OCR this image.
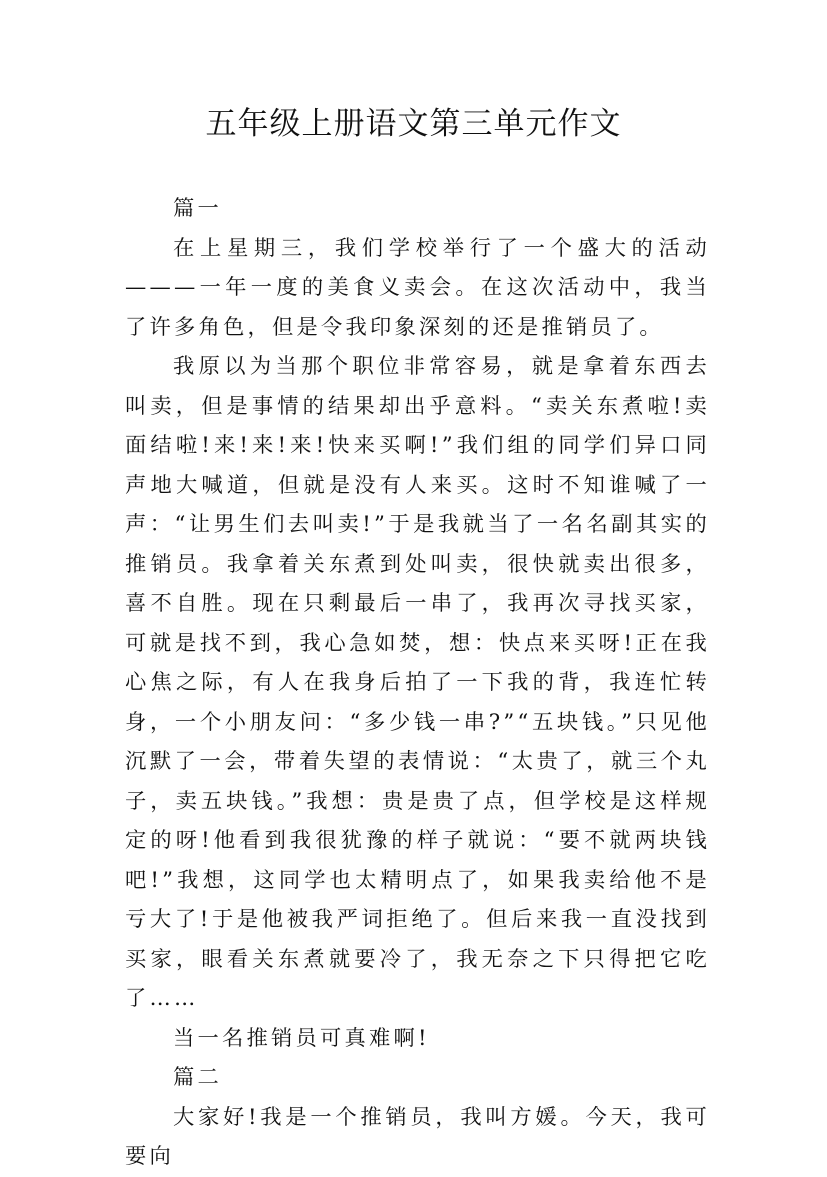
五年级上册语文第三单元作文

篇一

在上星期三，我们学校举行了一个盛大的活动———一年一度的美食义卖会。在这次活动中，我当了许多角色，但是令我印象深刻的还是推销员了。

我原以为当那个职位非常容易，就是拿着东西去叫卖，但是事情的结果却出乎意料。“卖关东煮啦!卖面结啦!来!来!来!快来买啊!”我们组的同学们异口同声地大喊道，但就是没有人来买。这时不知谁喊了一声：“让男生们去叫卖!”于是我就当了一名名副其实的推销员。我拿着关东煮到处叫卖，很快就卖出很多，喜不自胜。现在只剩最后一串了，我再次寻找买家，可就是找不到，我心急如焚，想：快点来买呀!正在我心焦之际，有人在我身后拍了一下我的背，我连忙转身，一个小朋友问：“多少钱一串?”“五块钱。”只见他沉默了一会，带着失望的表情说：“太贵了，就三个丸子，卖五块钱。”我想：贵是贵了点，但学校是这样规定的呀!他看到我很犹豫的样子就说：“要不就两块钱吧!”我想，这同学也太精明点了，如果我卖给他不是亏大了!于是他被我严词拒绝了。但后来我一直没找到买家，眼看关东煮就要冷了，我无奈之下只得把它吃了……

当一名推销员可真难啊!

篇二

大家好!我是一个推销员，我叫方媛。今天，我可要向
